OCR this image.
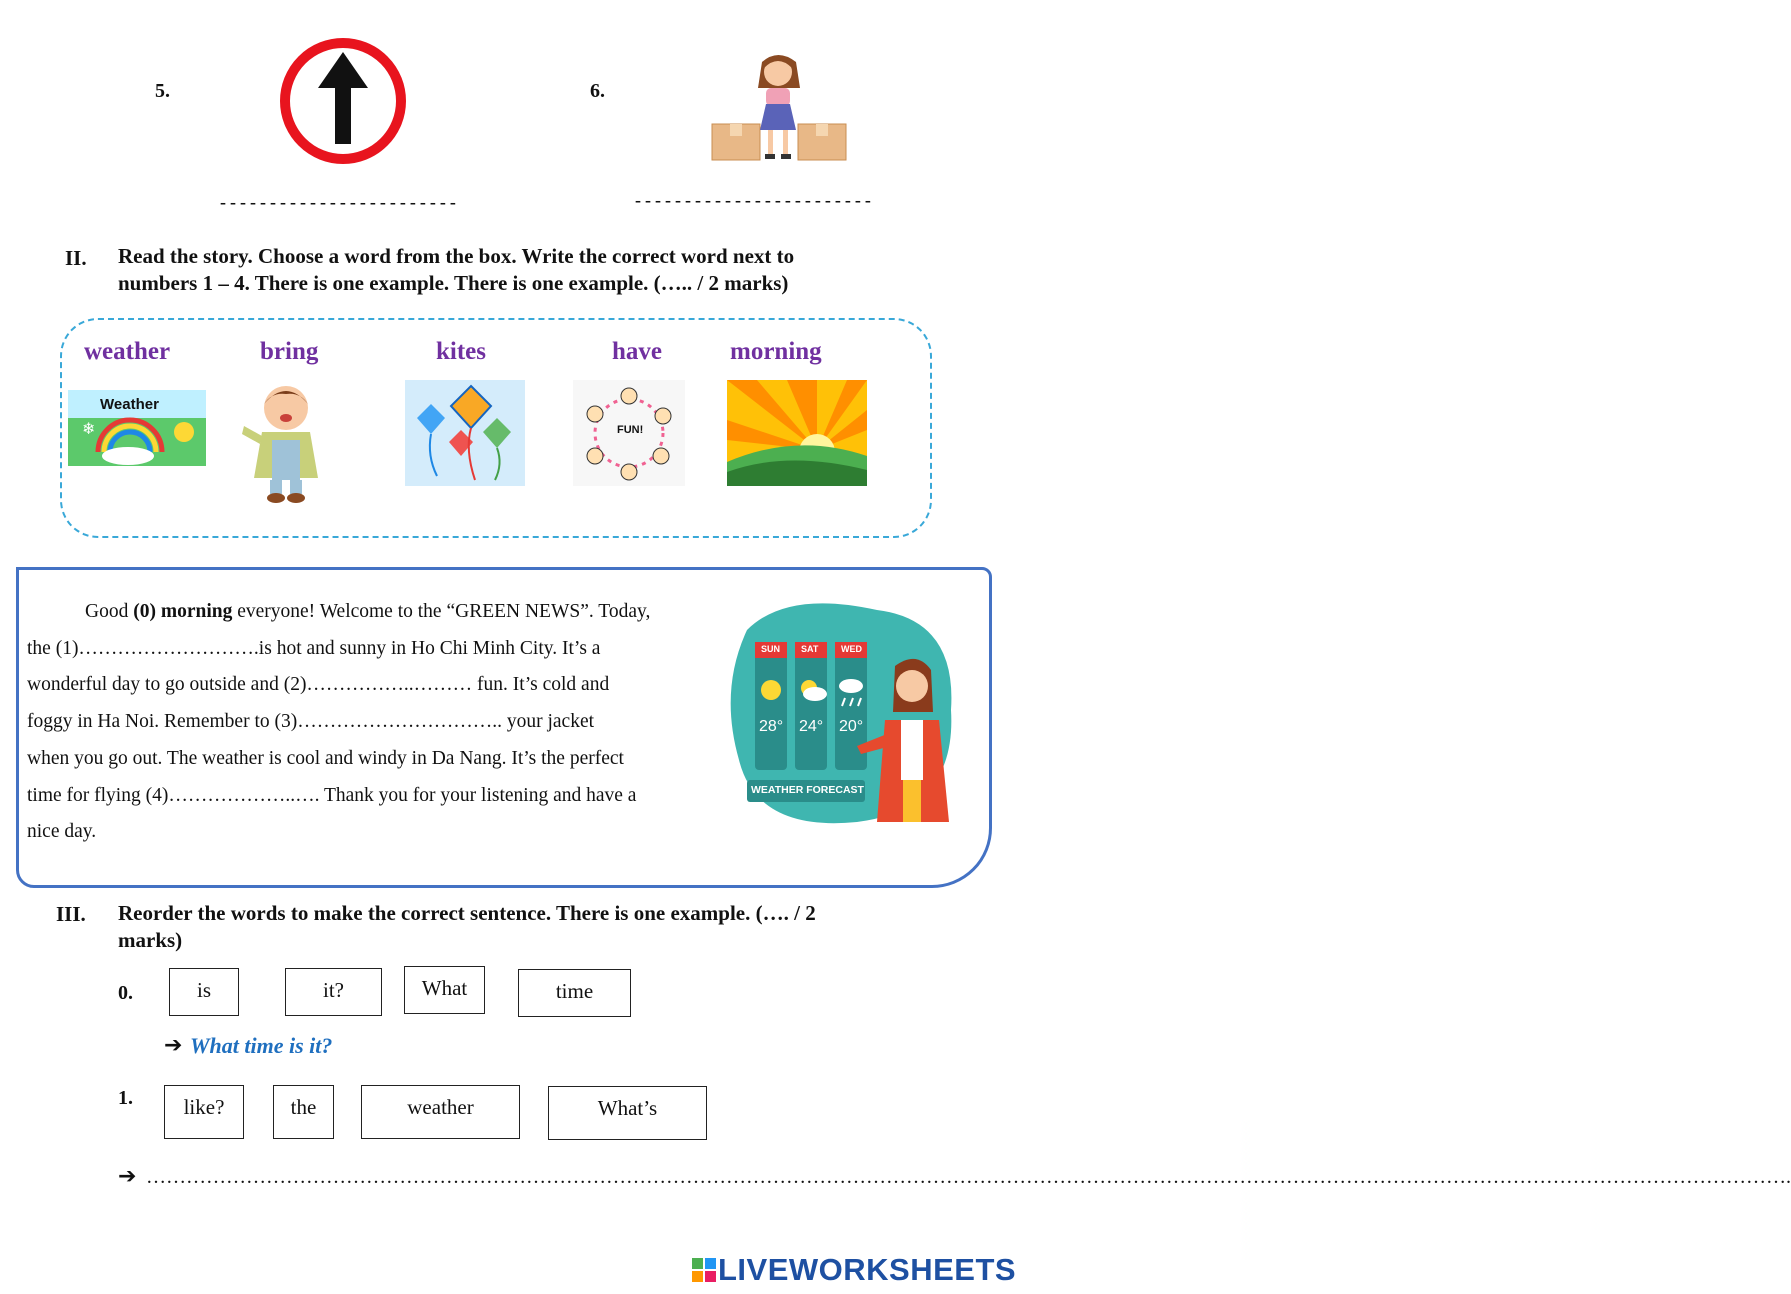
5.
------------------------
6.
------------------------
II. Read the story. Choose a word from the box. Write the correct word next to
numbers 1 – 4. There is one example. There is one example. (….. / 2 marks)
weather	bring	kites	have	morning
❄
Weather
FUN!
Good (0) morning everyone! Welcome to the “GREEN NEWS”. Today,
the (1)……………………….is hot and sunny in Ho Chi Minh City. It’s a
wonderful day to go outside and (2)……………..……… fun. It’s cold and
foggy in Ha Noi. Remember to (3)………………………….. your jacket
when you go out. The weather is cool and windy in Da Nang. It’s the perfect
time for flying (4)………………..…. Thank you for your listening and have a
nice day.
SUN SAT	WED
28° 24° 20°
WEATHER FORECAST
III. Reorder the words to make the correct sentence. There is one example. (…. / 2
marks)
0.	is	it?	What	time
➔ What time is it?
1.	like?	the	weather	What’s
➔ ………………………………………………………………………………………………………………………………………………………………………………………………………………………….
LIVEWORKSHEETS
